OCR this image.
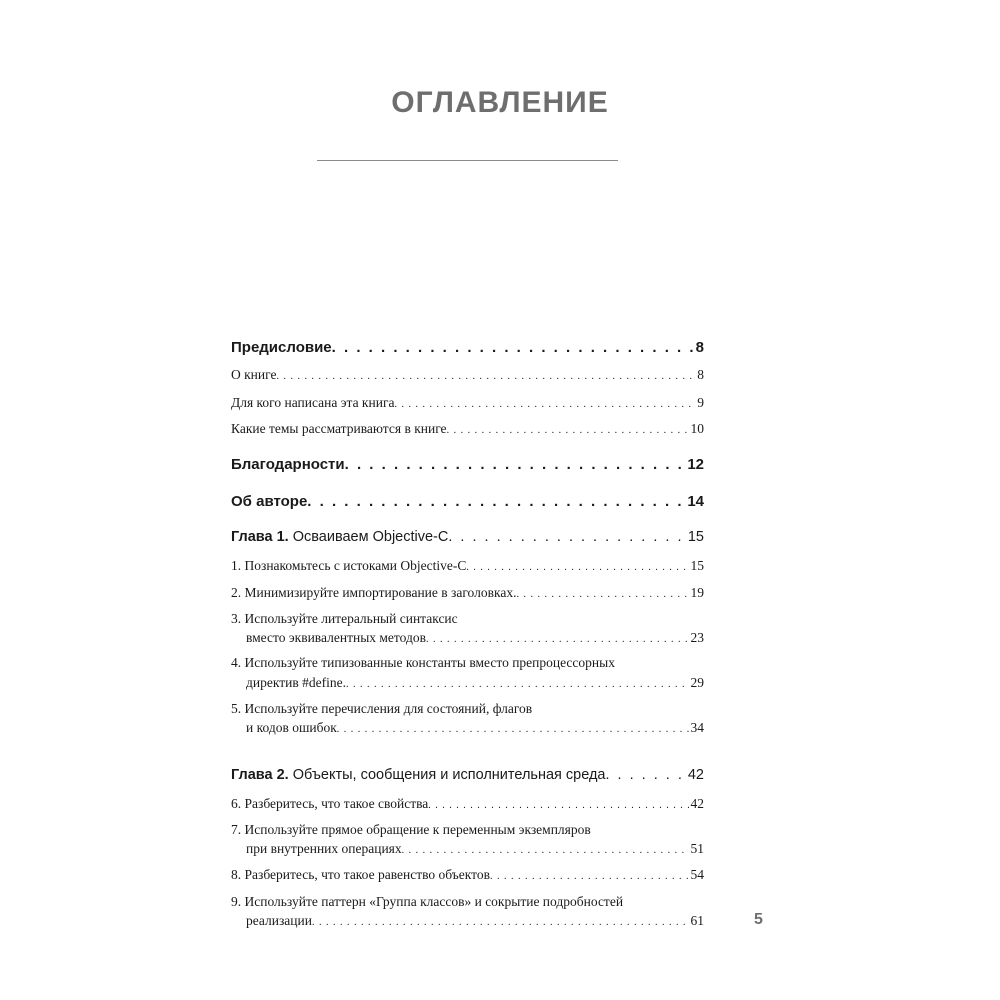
ОГЛАВЛЕНИЕ
Предисловие . . .	8
О книге . . .	8
Для кого написана эта книга . . .	9
Какие темы рассматриваются в книге . . .	10
Благодарности . . .	12
Об авторе . . .	14
Глава 1. Осваиваем Objective-C . . .	15
1. Познакомьтесь с истоками Objective-C . . .	15
2. Минимизируйте импортирование в заголовках. . . .	19
3. Используйте литеральный синтаксис
вместо эквивалентных методов . . .	23
4. Используйте типизованные константы вместо препроцессорных
директив #define. . . .	29
5. Используйте перечисления для состояний, флагов
и кодов ошибок . . .	34
Глава 2. Объекты, сообщения и исполнительная среда . . .	42
6. Разберитесь, что такое свойства . . .	42
7. Используйте прямое обращение к переменным экземпляров
при внутренних операциях . . .	51
8. Разберитесь, что такое равенство объектов . . .	54
9. Используйте паттерн «Группа классов» и сокрытие подробностей
реализации . . .	61	5
